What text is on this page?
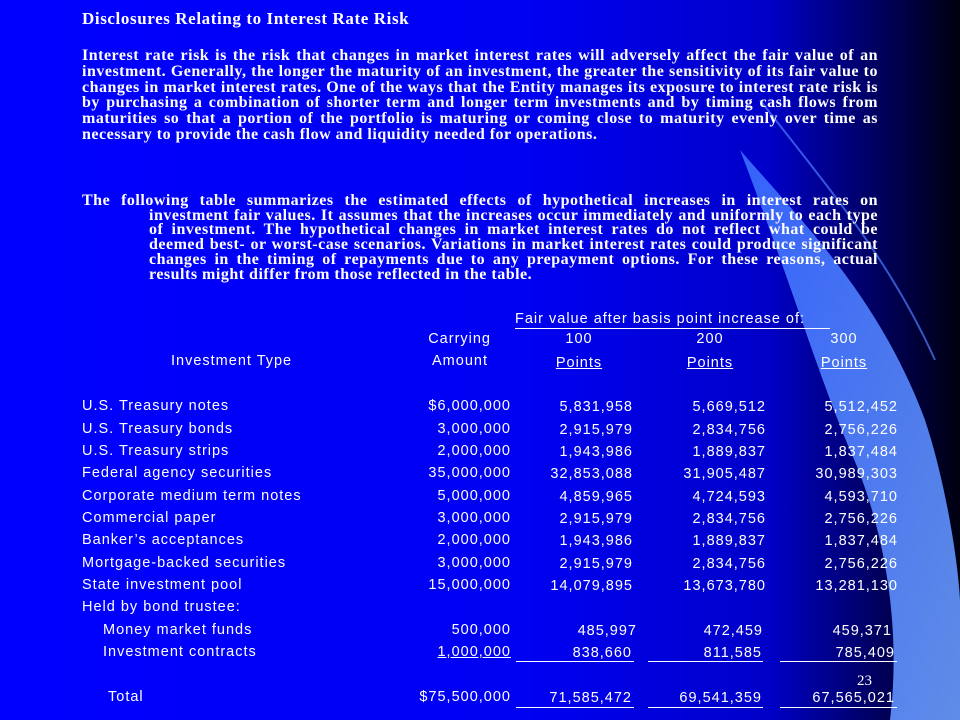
Disclosures Relating to Interest Rate Risk
Interest rate risk is the risk that changes in market interest rates will adversely affect the fair value of an investment. Generally, the longer the maturity of an investment, the greater the sensitivity of its fair value to changes in market interest rates. One of the ways that the Entity manages its exposure to interest rate risk is by purchasing a combination of shorter term and longer term investments and by timing cash flows from maturities so that a portion of the portfolio is maturing or coming close to maturity evenly over time as necessary to provide the cash flow and liquidity needed for operations.
The following table summarizes the estimated effects of hypothetical increases in interest rates on investment fair values. It assumes that the increases occur immediately and uniformly to each type of investment. The hypothetical changes in market interest rates do not reflect what could be deemed best- or worst-case scenarios. Variations in market interest rates could produce significant changes in the timing of repayments due to any prepayment options. For these reasons, actual results might differ from those reflected in the table.
Fair value after basis point increase of:
Carrying
Amount
Investment Type
100	200	300
Points	Points	Points
U.S. Treasury notes	$6,000,000	5,831,958	5,669,512	5,512,452
U.S. Treasury bonds	3,000,000	2,915,979	2,834,756	2,756,226
U.S. Treasury strips	2,000,000	1,943,986	1,889,837	1,837,484
Federal agency securities	35,000,000	32,853,088	31,905,487	30,989,303
Corporate medium term notes	5,000,000	4,859,965	4,724,593	4,593,710
Commercial paper	3,000,000	2,915,979	2,834,756	2,756,226
Banker’s acceptances	2,000,000	1,943,986	1,889,837	1,837,484
Mortgage-backed securities	3,000,000	2,915,979	2,834,756	2,756,226
State investment pool	15,000,000	14,079,895	13,673,780	13,281,130
Held by bond trustee:
Money market funds	500,000	485,997	472,459	459,371
Investment contracts	1,000,000	838,660	811,585	785,409
Total	$75,500,000	71,585,472	69,541,359	67,565,021
23
